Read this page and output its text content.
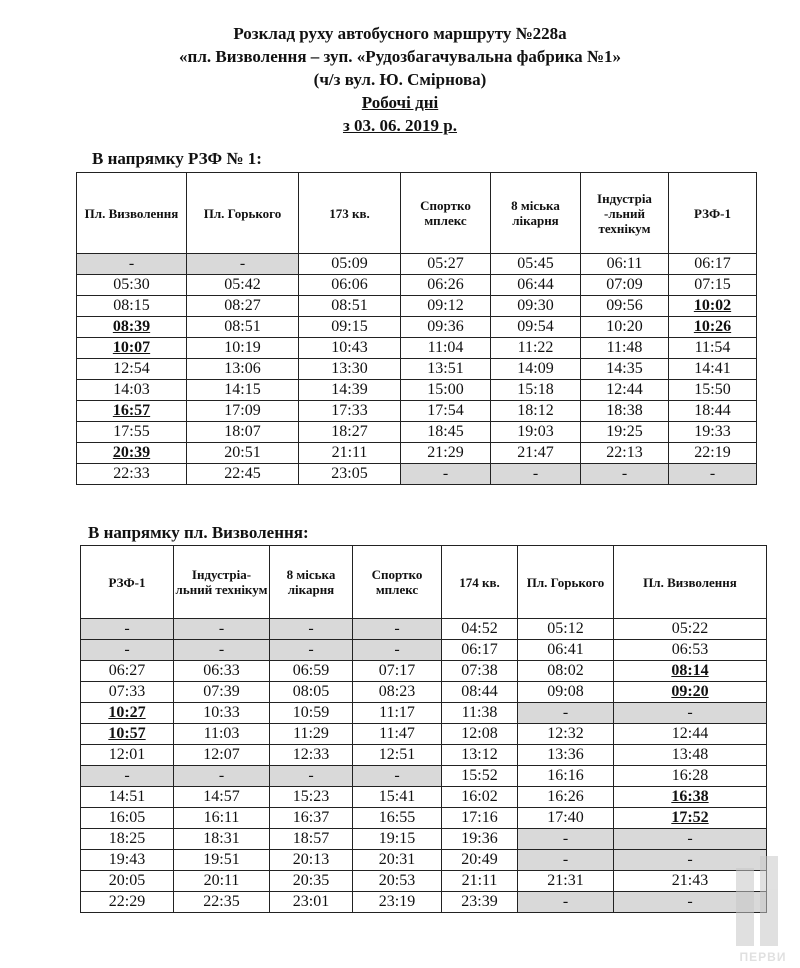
Розклад руху автобусного маршруту №228а
«пл. Визволення – зуп. «Рудозбагачувальна фабрика №1»
(ч/з вул. Ю. Смірнова)
Робочі дні
з 03. 06. 2019 р.
В напрямку РЗФ № 1:
Пл. Визволення	Пл. Горького	173 кв.	Спортко мплекс	8 міська лікарня	Індустріа -льний технікум	РЗФ-1
-	-	05:09	05:27	05:45	06:11	06:17
05:30	05:42	06:06	06:26	06:44	07:09	07:15
08:15	08:27	08:51	09:12	09:30	09:56	10:02
08:39	08:51	09:15	09:36	09:54	10:20	10:26
10:07	10:19	10:43	11:04	11:22	11:48	11:54
12:54	13:06	13:30	13:51	14:09	14:35	14:41
14:03	14:15	14:39	15:00	15:18	12:44	15:50
16:57	17:09	17:33	17:54	18:12	18:38	18:44
17:55	18:07	18:27	18:45	19:03	19:25	19:33
20:39	20:51	21:11	21:29	21:47	22:13	22:19
22:33	22:45	23:05	-	-	-	-
В напрямку пл. Визволення:
РЗФ-1	Індустріа-льний технікум	8 міська лікарня	Спортко мплекс	174 кв.	Пл. Горького	Пл. Визволення
-	-	-	-	04:52	05:12	05:22
-	-	-	-	06:17	06:41	06:53
06:27	06:33	06:59	07:17	07:38	08:02	08:14
07:33	07:39	08:05	08:23	08:44	09:08	09:20
10:27	10:33	10:59	11:17	11:38	-	-
10:57	11:03	11:29	11:47	12:08	12:32	12:44
12:01	12:07	12:33	12:51	13:12	13:36	13:48
-	-	-	-	15:52	16:16	16:28
14:51	14:57	15:23	15:41	16:02	16:26	16:38
16:05	16:11	16:37	16:55	17:16	17:40	17:52
18:25	18:31	18:57	19:15	19:36	-	-
19:43	19:51	20:13	20:31	20:49	-	-
20:05	20:11	20:35	20:53	21:11	21:31	21:43
22:29	22:35	23:01	23:19	23:39	-	-
ПЕРВИ
